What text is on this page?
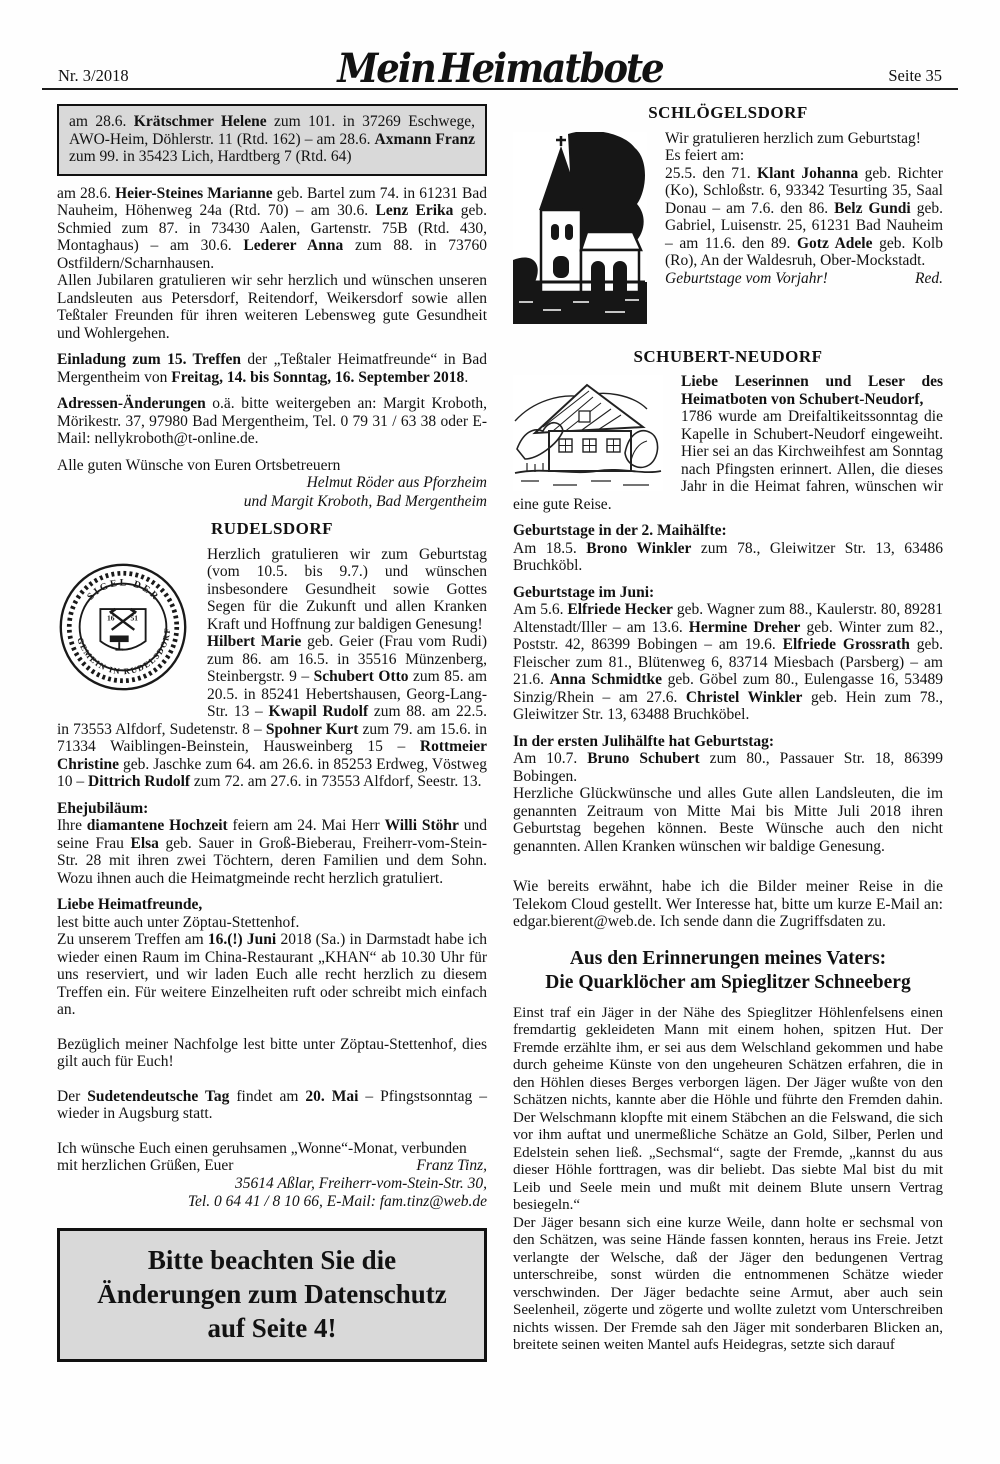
Nr. 3/2018	Mein Heimatbote	Seite 35
am 28.6. Krätschmer Helene zum 101. in 37269 Eschwege, AWO-Heim, Döhlerstr. 11 (Rtd. 162) – am 28.6. Axmann Franz zum 99. in 35423 Lich, Hardtberg 7 (Rtd. 64)
am 28.6. Heier-Steines Marianne geb. Bartel zum 74. in 61231 Bad Nauheim, Höhenweg 24a (Rtd. 70) – am 30.6. Lenz Erika geb. Schmied zum 87. in 73430 Aalen, Gartenstr. 75B (Rtd. 430, Montaghaus) – am 30.6. Lederer Anna zum 88. in 73760 Ostfildern/Scharnhausen.
Allen Jubilaren gratulieren wir sehr herzlich und wünschen unseren Landsleuten aus Petersdorf, Reitendorf, Weikersdorf sowie allen Teßtaler Freunden für ihren weiteren Lebensweg gute Gesundheit und Wohlergehen.
Einladung zum 15. Treffen der „Teßtaler Heimatfreunde“ in Bad Mergentheim von Freitag, 14. bis Sonntag, 16. September 2018.
Adressen-Änderungen o.ä. bitte weitergeben an: Margit Kroboth, Mörikestr. 37, 97980 Bad Mergentheim, Tel. 0 79 31 / 63 38 oder E-Mail: nellykroboth@t-online.de.

Alle guten Wünsche von Euren Ortsbetreuern

Helmut Röder aus Pforzheim
und Margit Kroboth, Bad Mergentheim
RUDELSDORF
SIGEL DER
GEMEIN IN RUDELSDORF
16 51
Herzlich gratulieren wir zum Geburtstag (vom 10.5. bis 9.7.) und wünschen insbesondere Gesundheit sowie Gottes Segen für die Zukunft und allen Kranken Kraft und Hoffnung zur baldigen Genesung!
Hilbert Marie geb. Geier (Frau vom Rudi) zum 86. am 16.5. in 35516 Münzenberg, Steinbergstr. 9 – Schubert Otto zum 85. am 20.5. in 85241 Hebertshausen, Georg-Lang-Str. 13 – Kwapil Rudolf zum 88. am 22.5. in 73553 Alfdorf, Sudetenstr. 8 – Spohner Kurt zum 79. am 15.6. in 71334 Waiblingen-Beinstein, Hausweinberg 15 – Rottmeier Christine geb. Jaschke zum 64. am 26.6. in 85253 Erdweg, Vöstweg 10 – Dittrich Rudolf zum 72. am 27.6. in 73553 Alfdorf, Seestr. 13.
Ehejubiläum:
Ihre diamantene Hochzeit feiern am 24. Mai Herr Willi Stöhr und seine Frau Elsa geb. Sauer in Groß-Bieberau, Freiherr-vom-Stein-Str. 28 mit ihren zwei Töchtern, deren Familien und dem Sohn. Wozu ihnen auch die Heimatgmeinde recht herzlich gratuliert.
Liebe Heimatfreunde,
lest bitte auch unter Zöptau-Stettenhof.
Zu unserem Treffen am 16.(!) Juni 2018 (Sa.) in Darmstadt habe ich wieder einen Raum im China-Restaurant „KHAN“ ab 10.30 Uhr für uns reserviert, und wir laden Euch alle recht herzlich zu diesem Treffen ein. Für weitere Einzelheiten ruft oder schreibt mich einfach an.

Bezüglich meiner Nachfolge lest bitte unter Zöptau-Stettenhof, dies gilt auch für Euch!

Der Sudetendeutsche Tag findet am 20. Mai – Pfingstsonntag – wieder in Augsburg statt.

Ich wünsche Euch einen geruhsamen „Wonne“-Monat, verbunden

mit herzlichen Grüßen, Euer	Franz Tinz,
35614 Aßlar, Freiherr-vom-Stein-Str. 30,
Tel. 0 64 41 / 8 10 66, E-Mail: fam.tinz@web.de
Bitte beachten Sie die
Änderungen zum Datenschutz
auf Seite 4!
SCHLÖGELSDORF
Wir gratulieren herzlich zum Geburtstag!
Es feiert am:
25.5. den 71. Klant Johanna geb. Richter (Ko), Schloßstr. 6, 93342 Tesurting 35, Saal Donau – am 7.6. den 86. Belz Gundi geb. Gabriel, Luisenstr. 25, 61231 Bad Nauheim – am 11.6. den 89. Gotz Adele geb. Kolb (Ro), An der Waldesruh, Ober-Mockstadt.
Geburtstage vom Vorjahr!	Red.
SCHUBERT-NEUDORF
Liebe Leserinnen und Leser des Heimatboten von Schubert-Neudorf,
1786 wurde am Dreifaltikeitssonntag die Kapelle in Schubert-Neudorf eingeweiht. Hier sei an das Kirchweihfest am Sonntag nach Pfingsten erinnert. Allen, die dieses Jahr in die Heimat fahren, wünschen wir eine gute Reise.
Geburtstage in der 2. Maihälfte:
Am 18.5. Brono Winkler zum 78., Gleiwitzer Str. 13, 63486 Bruchköbl.
Geburtstage im Juni:
Am 5.6. Elfriede Hecker geb. Wagner zum 88., Kaulerstr. 80, 89281 Altenstadt/Iller – am 13.6. Hermine Dreher geb. Winter zum 82., Poststr. 42, 86399 Bobingen – am 19.6. Elfriede Grossrath geb. Fleischer zum 81., Blütenweg 6, 83714 Miesbach (Parsberg) – am 21.6. Anna Schmidtke geb. Göbel zum 80., Eulengasse 16, 53489 Sinzig/Rhein – am 27.6. Christel Winkler geb. Hein zum 78., Gleiwitzer Str. 13, 63488 Bruchköbel.
In der ersten Julihälfte hat Geburtstag:
Am 10.7. Bruno Schubert zum 80., Passauer Str. 18, 86399 Bobingen.
Herzliche Glückwünsche und alles Gute allen Landsleuten, die im genannten Zeitraum von Mitte Mai bis Mitte Juli 2018 ihren Geburtstag begehen können. Beste Wünsche auch den nicht genannten. Allen Kranken wünschen wir baldige Genesung.

Wie bereits erwähnt, habe ich die Bilder meiner Reise in die Telekom Cloud gestellt. Wer Interesse hat, bitte um kurze E-Mail an: edgar.bierent@web.de. Ich sende dann die Zugriffsdaten zu.

Aus den Erinnerungen meines Vaters:
Die Quarklöcher am Spieglitzer Schneeberg
Einst traf ein Jäger in der Nähe des Spieglitzer Höhlenfelsens einen fremdartig gekleideten Mann mit einem hohen, spitzen Hut. Der Fremde erzählte ihm, er sei aus dem Welschland gekommen und habe durch geheime Künste von den ungeheuren Schätzen erfahren, die in den Höhlen dieses Berges verborgen lägen. Der Jäger wußte von den Schätzen nichts, kannte aber die Höhle und führte den Fremden dahin. Der Welschmann klopfte mit einem Stäbchen an die Felswand, die sich vor ihm auftat und unermeßliche Schätze an Gold, Silber, Perlen und Edelstein sehen ließ. „Sechsmal“, sagte der Fremde, „kannst du aus dieser Höhle forttragen, was dir beliebt. Das siebte Mal bist du mit Leib und Seele mein und mußt mit deinem Blute unsern Vertrag besiegeln.“
Der Jäger besann sich eine kurze Weile, dann holte er sechsmal von den Schätzen, was seine Hände fassen konnten, heraus ins Freie. Jetzt verlangte der Welsche, daß der Jäger den bedungenen Vertrag unterschreibe, sonst würden die entnommenen Schätze wieder verschwinden. Der Jäger bedachte seine Armut, aber auch sein Seelenheil, zögerte und zögerte und wollte zuletzt vom Unterschreiben nichts wissen. Der Fremde sah den Jäger mit sonderbaren Blicken an, breitete seinen weiten Mantel aufs Heidegras, setzte sich darauf
